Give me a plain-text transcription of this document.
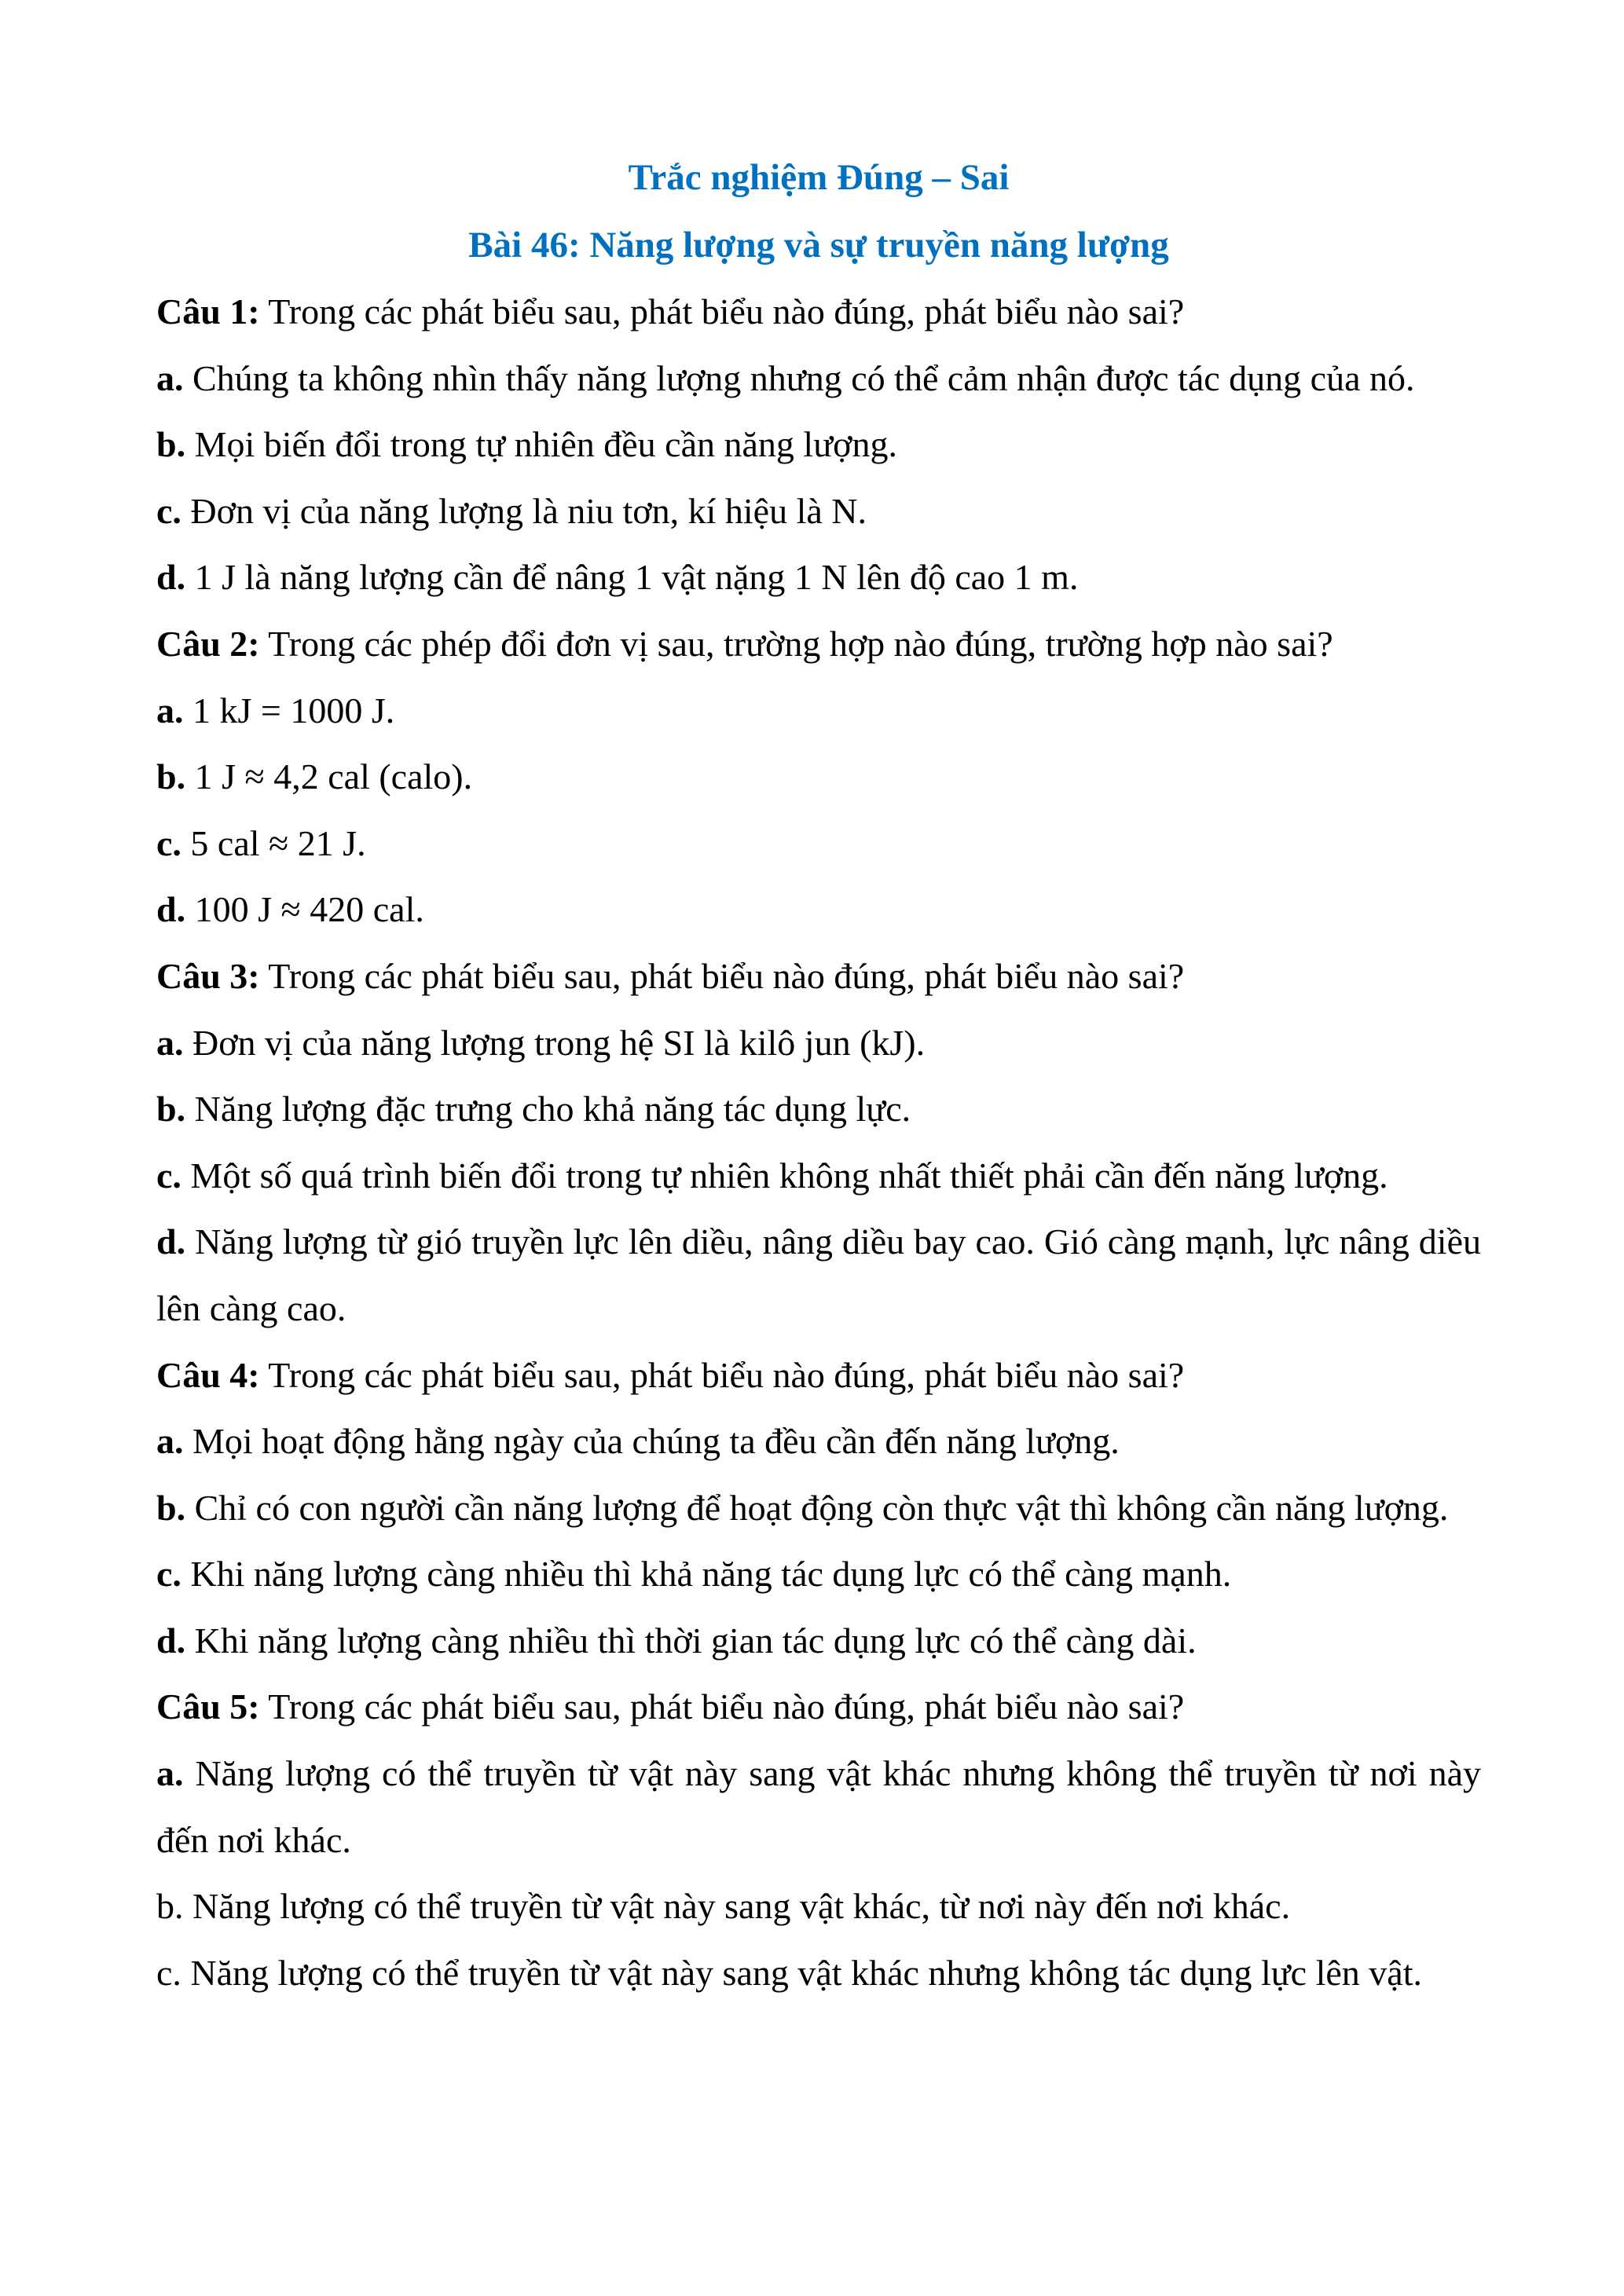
Trắc nghiệm Đúng – Sai
Bài 46: Năng lượng và sự truyền năng lượng
Câu 1: Trong các phát biểu sau, phát biểu nào đúng, phát biểu nào sai?
a. Chúng ta không nhìn thấy năng lượng nhưng có thể cảm nhận được tác dụng của nó.
b. Mọi biến đổi trong tự nhiên đều cần năng lượng.
c. Đơn vị của năng lượng là niu tơn, kí hiệu là N.
d. 1 J là năng lượng cần để nâng 1 vật nặng 1 N lên độ cao 1 m.
Câu 2: Trong các phép đổi đơn vị sau, trường hợp nào đúng, trường hợp nào sai?
a. 1 kJ = 1000 J.
b. 1 J ≈ 4,2 cal (calo).
c. 5 cal ≈ 21 J.
d. 100 J ≈ 420 cal.
Câu 3: Trong các phát biểu sau, phát biểu nào đúng, phát biểu nào sai?
a. Đơn vị của năng lượng trong hệ SI là kilô jun (kJ).
b. Năng lượng đặc trưng cho khả năng tác dụng lực.
c. Một số quá trình biến đổi trong tự nhiên không nhất thiết phải cần đến năng lượng.
d. Năng lượng từ gió truyền lực lên diều, nâng diều bay cao. Gió càng mạnh, lực nâng diều lên càng cao.
Câu 4: Trong các phát biểu sau, phát biểu nào đúng, phát biểu nào sai?
a. Mọi hoạt động hằng ngày của chúng ta đều cần đến năng lượng.
b. Chỉ có con người cần năng lượng để hoạt động còn thực vật thì không cần năng lượng.
c. Khi năng lượng càng nhiều thì khả năng tác dụng lực có thể càng mạnh.
d. Khi năng lượng càng nhiều thì thời gian tác dụng lực có thể càng dài.
Câu 5: Trong các phát biểu sau, phát biểu nào đúng, phát biểu nào sai?
a. Năng lượng có thể truyền từ vật này sang vật khác nhưng không thể truyền từ nơi này đến nơi khác.
b. Năng lượng có thể truyền từ vật này sang vật khác, từ nơi này đến nơi khác.
c. Năng lượng có thể truyền từ vật này sang vật khác nhưng không tác dụng lực lên vật.
